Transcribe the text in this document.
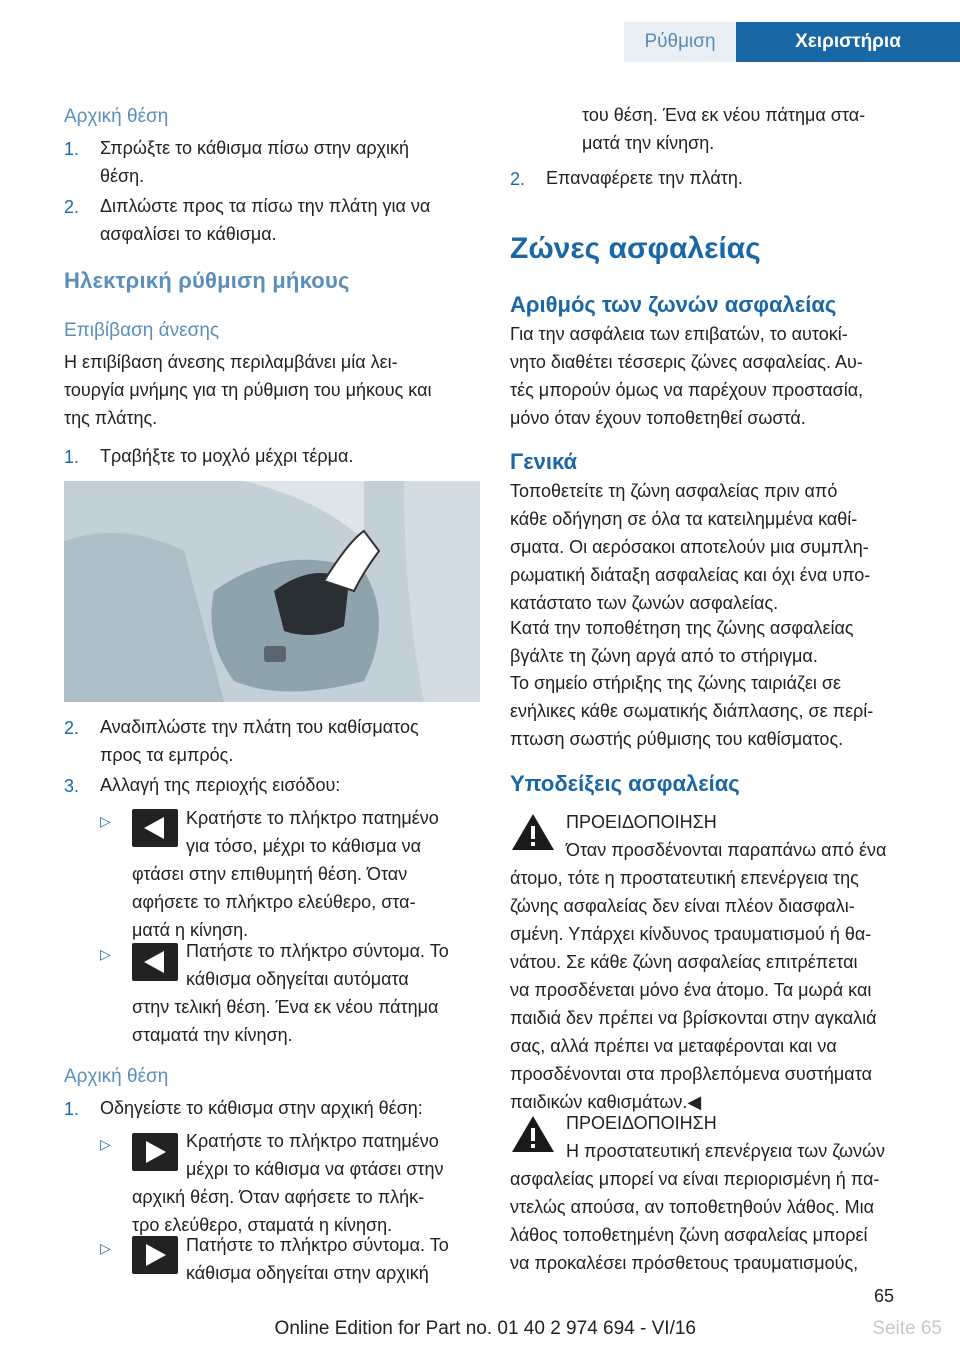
Ρύθμιση	Χειριστήρια
Αρχική θέση
1. Σπρώξτε το κάθισμα πίσω στην αρχική
θέση.
2. Διπλώστε προς τα πίσω την πλάτη για να
ασφαλίσει το κάθισμα.
Ηλεκτρική ρύθμιση μήκους
Επιβίβαση άνεσης
Η επιβίβαση άνεσης περιλαμβάνει μία λει‐
τουργία μνήμης για τη ρύθμιση του μήκους και
της πλάτης.
1. Τραβήξτε το μοχλό μέχρι τέρμα.
2. Αναδιπλώστε την πλάτη του καθίσματος
προς τα εμπρός.
3. Αλλαγή της περιοχής εισόδου:
▷	Κρατήστε το πλήκτρο πατημένο
για τόσο, μέχρι το κάθισμα να
φτάσει στην επιθυμητή θέση. Όταν
αφήσετε το πλήκτρο ελεύθερο, στα‐
ματά η κίνηση.
▷	Πατήστε το πλήκτρο σύντομα. Το
κάθισμα οδηγείται αυτόματα
στην τελική θέση. Ένα εκ νέου πάτημα
σταματά την κίνηση.
Αρχική θέση
1. Οδηγείστε το κάθισμα στην αρχική θέση:
▷	Κρατήστε το πλήκτρο πατημένο
μέχρι το κάθισμα να φτάσει στην
αρχική θέση. Όταν αφήσετε το πλήκ‐
τρο ελεύθερο, σταματά η κίνηση.
▷	Πατήστε το πλήκτρο σύντομα. Το
κάθισμα οδηγείται στην αρχική
του θέση. Ένα εκ νέου πάτημα στα‐
ματά την κίνηση.
2. Επαναφέρετε την πλάτη.
Ζώνες ασφαλείας
Αριθμός των ζωνών ασφαλείας
Για την ασφάλεια των επιβατών, το αυτοκί‐
νητο διαθέτει τέσσερις ζώνες ασφαλείας. Αυ‐
τές μπορούν όμως να παρέχουν προστασία,
μόνο όταν έχουν τοποθετηθεί σωστά.
Γενικά
Τοποθετείτε τη ζώνη ασφαλείας πριν από
κάθε οδήγηση σε όλα τα κατειλημμένα καθί‐
σματα. Οι αερόσακοι αποτελούν μια συμπλη‐
ρωματική διάταξη ασφαλείας και όχι ένα υπο‐
κατάστατο των ζωνών ασφαλείας.
Κατά την τοποθέτηση της ζώνης ασφαλείας
βγάλτε τη ζώνη αργά από το στήριγμα.
Το σημείο στήριξης της ζώνης ταιριάζει σε
ενήλικες κάθε σωματικής διάπλασης, σε περί‐
πτωση σωστής ρύθμισης του καθίσματος.
Υποδείξεις ασφαλείας
ΠΡΟΕΙΔΟΠΟΙΗΣΗ
Όταν προσδένονται παραπάνω από ένα
άτομο, τότε η προστατευτική επενέργεια της
ζώνης ασφαλείας δεν είναι πλέον διασφαλι‐
σμένη. Υπάρχει κίνδυνος τραυματισμού ή θα‐
νάτου. Σε κάθε ζώνη ασφαλείας επιτρέπεται
να προσδένεται μόνο ένα άτομο. Τα μωρά και
παιδιά δεν πρέπει να βρίσκονται στην αγκαλιά
σας, αλλά πρέπει να μεταφέρονται και να
προσδένονται στα προβλεπόμενα συστήματα
παιδικών καθισμάτων.◀
ΠΡΟΕΙΔΟΠΟΙΗΣΗ
Η προστατευτική επενέργεια των ζωνών
ασφαλείας μπορεί να είναι περιορισμένη ή πα‐
ντελώς απούσα, αν τοποθετηθούν λάθος. Μια
λάθος τοποθετημένη ζώνη ασφαλείας μπορεί
να προκαλέσει πρόσθετους τραυματισμούς,
65
Online Edition for Part no. 01 40 2 974 694 - VI/16	Seite 65
